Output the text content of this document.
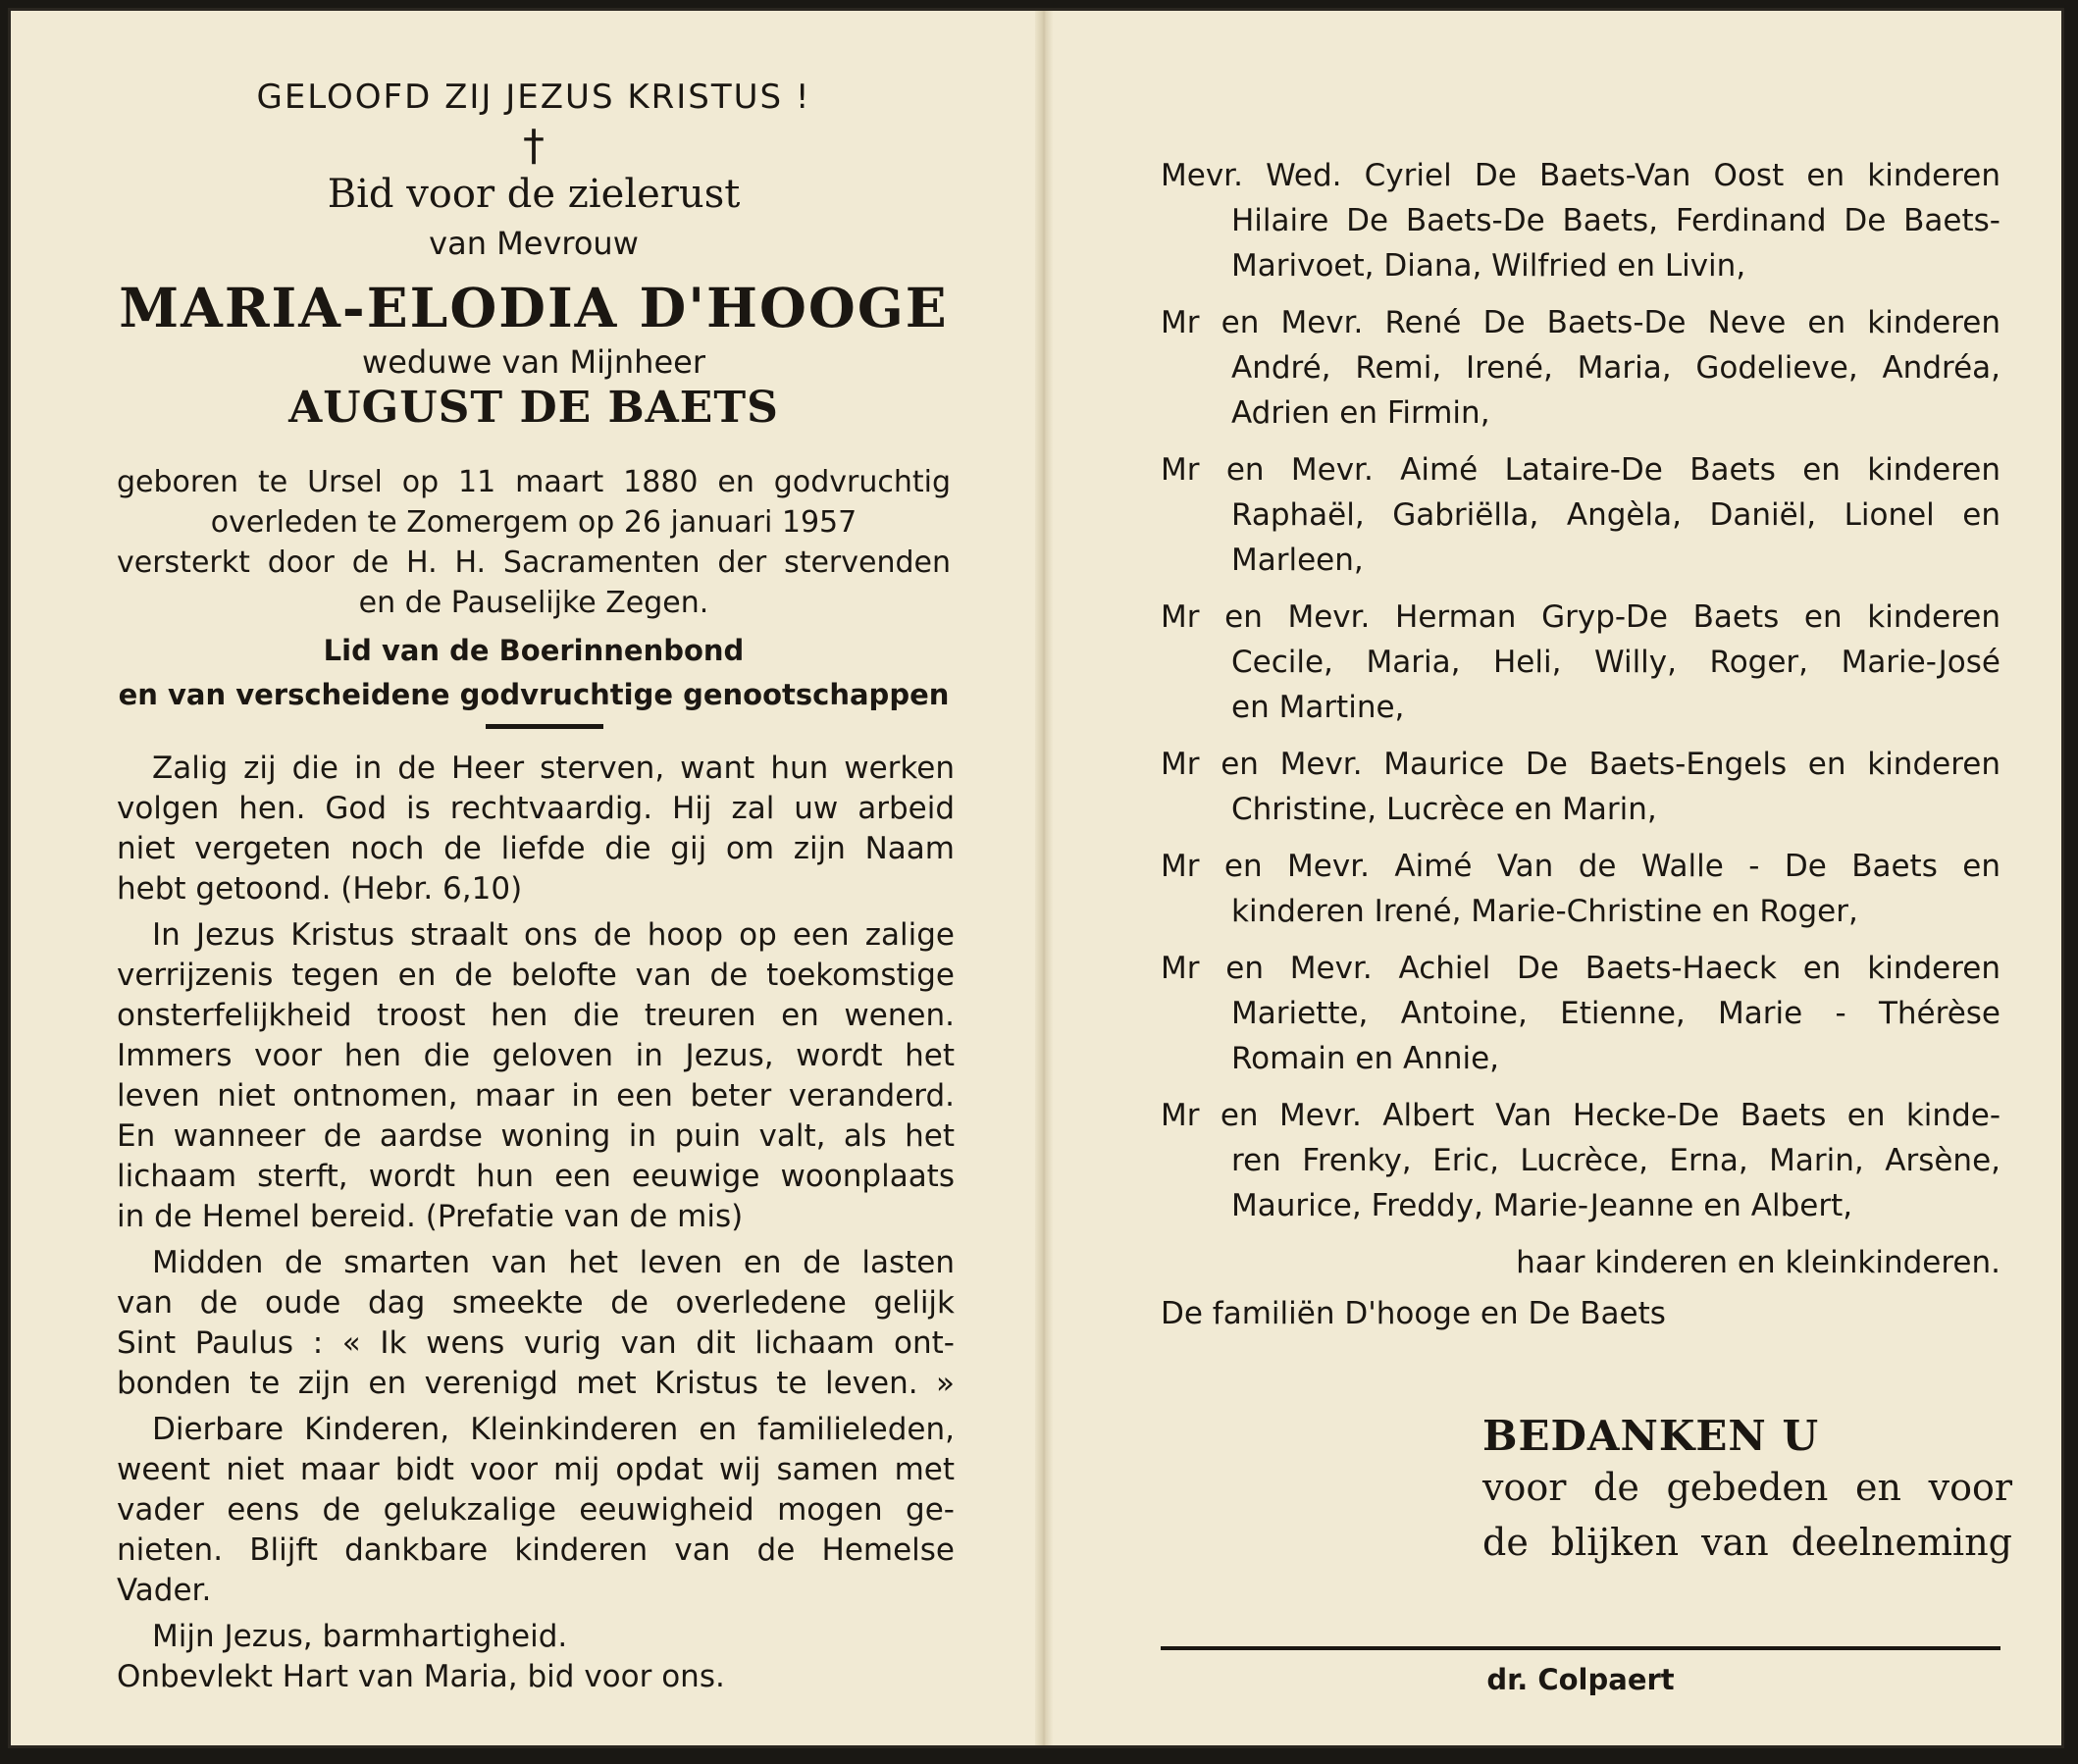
GELOOFD ZIJ JEZUS KRISTUS !
†
Bid voor de zielerust
van Mevrouw
MARIA-ELODIA D'HOOGE
weduwe van Mijnheer
AUGUST DE BAETS
geboren te Ursel op 11 maart 1880 en godvruchtig
overleden te Zomergem op 26 januari 1957
versterkt door de H. H. Sacramenten der stervenden
en de Pauselijke Zegen.
Lid van de Boerinnenbond
en van verscheidene godvruchtige genootschappen
Zalig zij die in de Heer sterven, want hun werken
volgen hen. God is rechtvaardig. Hij zal uw arbeid
niet vergeten noch de liefde die gij om zijn Naam
hebt getoond. (Hebr. 6,10)
In Jezus Kristus straalt ons de hoop op een zalige
verrijzenis tegen en de belofte van de toekomstige
onsterfelijkheid troost hen die treuren en wenen.
Immers voor hen die geloven in Jezus, wordt het
leven niet ontnomen, maar in een beter veranderd.
En wanneer de aardse woning in puin valt, als het
lichaam sterft, wordt hun een eeuwige woonplaats
in de Hemel bereid. (Prefatie van de mis)
Midden de smarten van het leven en de lasten
van de oude dag smeekte de overledene gelijk
Sint Paulus : « Ik wens vurig van dit lichaam ont-
bonden te zijn en verenigd met Kristus te leven. »
Dierbare Kinderen, Kleinkinderen en familieleden,
weent niet maar bidt voor mij opdat wij samen met
vader eens de gelukzalige eeuwigheid mogen ge-
nieten. Blijft dankbare kinderen van de Hemelse
Vader.
Mijn Jezus, barmhartigheid.
Onbevlekt Hart van Maria, bid voor ons.
Mevr. Wed. Cyriel De Baets-Van Oost en kinderen
Hilaire De Baets-De Baets, Ferdinand De Baets-
Marivoet, Diana, Wilfried en Livin,
Mr en Mevr. René De Baets-De Neve en kinderen
André, Remi, Irené, Maria, Godelieve, Andréa,
Adrien en Firmin,
Mr en Mevr. Aimé Lataire-De Baets en kinderen
Raphaël, Gabriëlla, Angèla, Daniël, Lionel en
Marleen,
Mr en Mevr. Herman Gryp-De Baets en kinderen
Cecile, Maria, Heli, Willy, Roger, Marie-José
en Martine,
Mr en Mevr. Maurice De Baets-Engels en kinderen
Christine, Lucrèce en Marin,
Mr en Mevr. Aimé Van de Walle - De Baets en
kinderen Irené, Marie-Christine en Roger,
Mr en Mevr. Achiel De Baets-Haeck en kinderen
Mariette, Antoine, Etienne, Marie - Thérèse
Romain en Annie,
Mr en Mevr. Albert Van Hecke-De Baets en kinde-
ren Frenky, Eric, Lucrèce, Erna, Marin, Arsène,
Maurice, Freddy, Marie-Jeanne en Albert,
haar kinderen en kleinkinderen.
De familiën D'hooge en De Baets
BEDANKEN U
voor de gebeden en voor
de blijken van deelneming
dr. Colpaert
